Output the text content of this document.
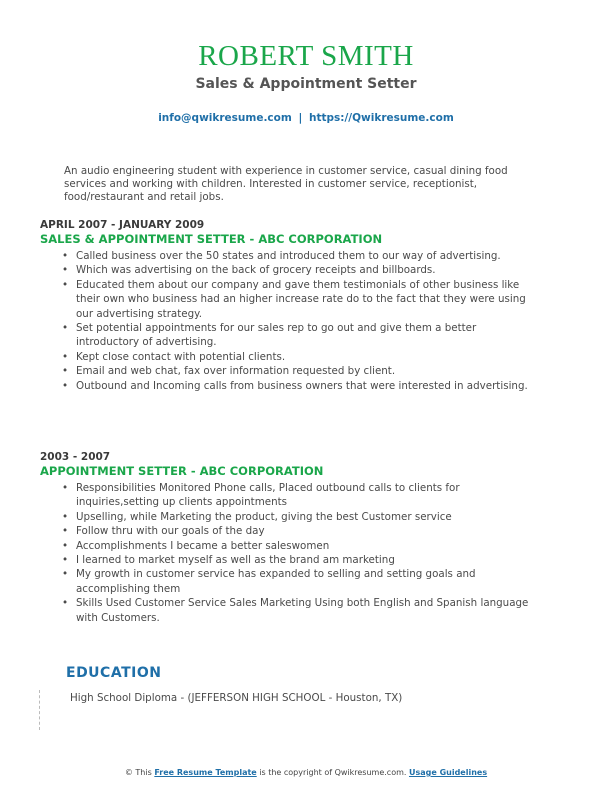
ROBERT SMITH
Sales & Appointment Setter
info@qwikresume.com | https://Qwikresume.com
An audio engineering student with experience in customer service, casual dining food services and working with children. Interested in customer service, receptionist, food/restaurant and retail jobs.
APRIL 2007 - JANUARY 2009
SALES & APPOINTMENT SETTER - ABC CORPORATION
• Called business over the 50 states and introduced them to our way of advertising.
• Which was advertising on the back of grocery receipts and billboards.
• Educated them about our company and gave them testimonials of other business like their own who business had an higher increase rate do to the fact that they were using our advertising strategy.
• Set potential appointments for our sales rep to go out and give them a better introductory of advertising.
• Kept close contact with potential clients.
• Email and web chat, fax over information requested by client.
• Outbound and Incoming calls from business owners that were interested in advertising.
2003 - 2007
APPOINTMENT SETTER - ABC CORPORATION
• Responsibilities Monitored Phone calls, Placed outbound calls to clients for inquiries,setting up clients appointments
• Upselling, while Marketing the product, giving the best Customer service
• Follow thru with our goals of the day
• Accomplishments I became a better saleswomen
• I learned to market myself as well as the brand am marketing
• My growth in customer service has expanded to selling and setting goals and accomplishing them
• Skills Used Customer Service Sales Marketing Using both English and Spanish language with Customers.
EDUCATION
High School Diploma - (JEFFERSON HIGH SCHOOL - Houston, TX)
© This Free Resume Template is the copyright of Qwikresume.com. Usage Guidelines
